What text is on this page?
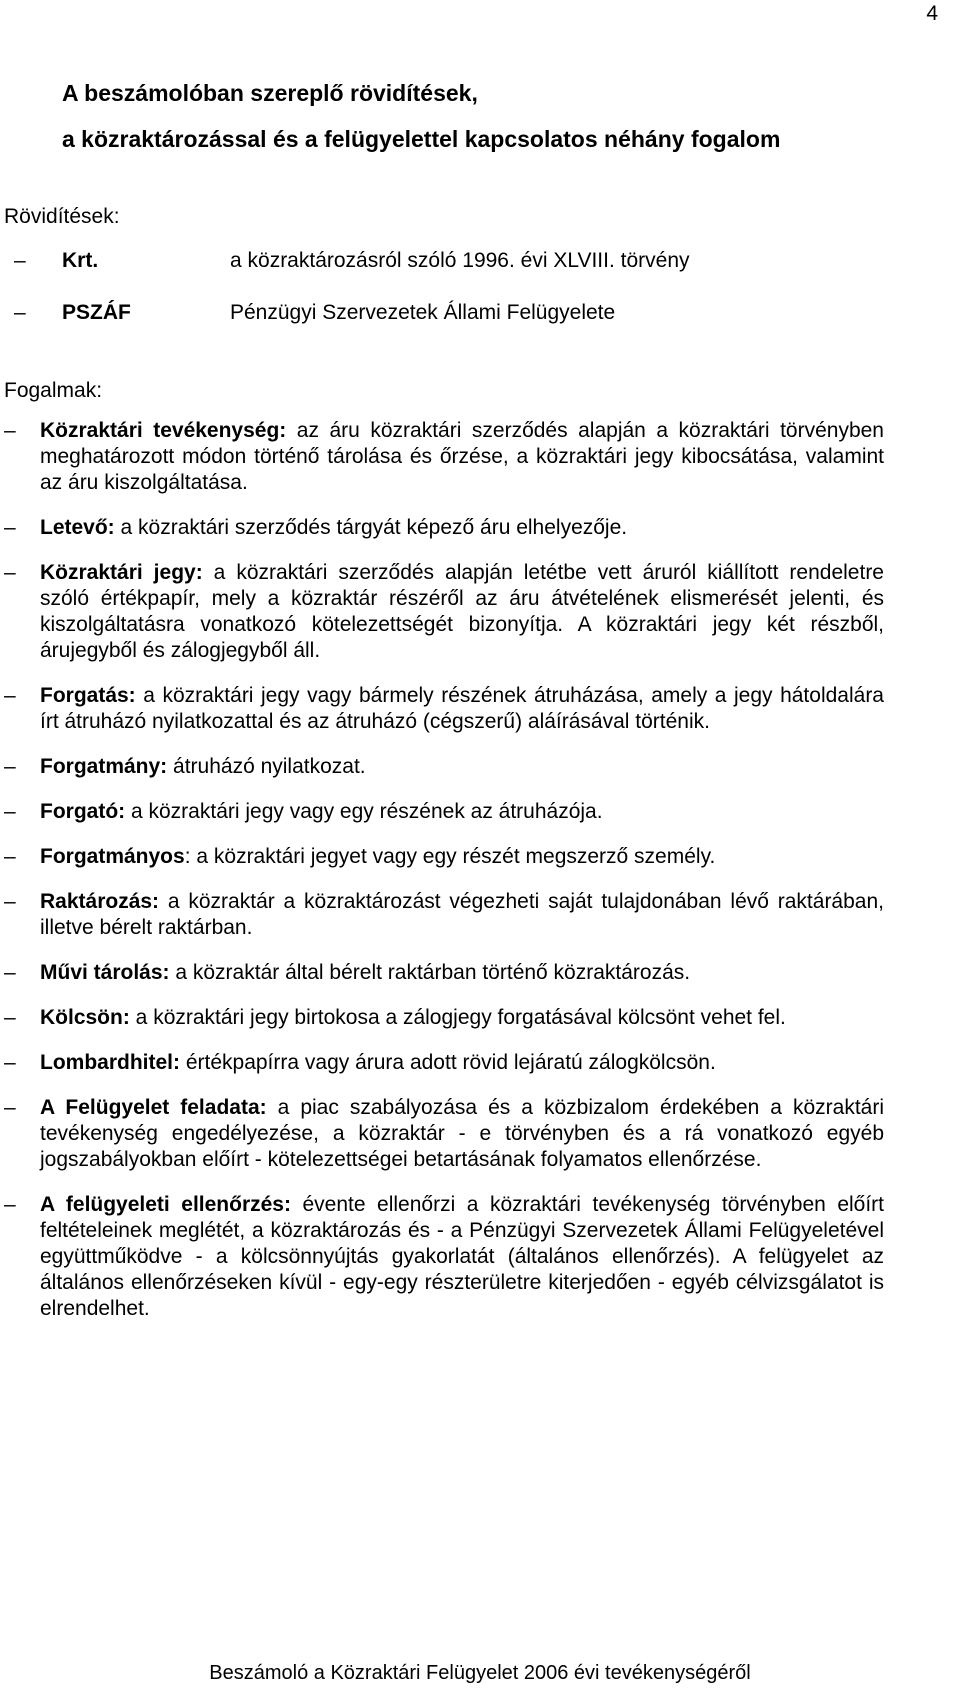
4
A beszámolóban szereplő rövidítések,
a közraktározással és a felügyelettel kapcsolatos néhány fogalom
Rövidítések:
– Krt.	a közraktározásról szóló 1996. évi XLVIII. törvény
– PSZÁF	Pénzügyi Szervezetek Állami Felügyelete
Fogalmak:
– Közraktári tevékenység: az áru közraktári szerződés alapján a közraktári törvényben meghatározott módon történő tárolása és őrzése, a közraktári jegy kibocsátása, valamint az áru kiszolgáltatása.
– Letevő: a közraktári szerződés tárgyát képező áru elhelyezője.
– Közraktári jegy: a közraktári szerződés alapján letétbe vett áruról kiállított rendeletre szóló értékpapír, mely a közraktár részéről az áru átvételének elismerését jelenti, és kiszolgáltatásra vonatkozó kötelezettségét bizonyítja. A közraktári jegy két részből, árujegyből és zálogjegyből áll.
– Forgatás: a közraktári jegy vagy bármely részének átruházása, amely a jegy hátoldalára írt átruházó nyilatkozattal és az átruházó (cégszerű) aláírásával történik.
– Forgatmány: átruházó nyilatkozat.
– Forgató: a közraktári jegy vagy egy részének az átruházója.
– Forgatmányos: a közraktári jegyet vagy egy részét megszerző személy.
– Raktározás: a közraktár a közraktározást végezheti saját tulajdonában lévő raktárában, illetve bérelt raktárban.
– Művi tárolás: a közraktár által bérelt raktárban történő közraktározás.
– Kölcsön: a közraktári jegy birtokosa a zálogjegy forgatásával kölcsönt vehet fel.
– Lombardhitel: értékpapírra vagy árura adott rövid lejáratú zálogkölcsön.
– A Felügyelet feladata: a piac szabályozása és a közbizalom érdekében a közraktári tevékenység engedélyezése, a közraktár - e törvényben és a rá vonatkozó egyéb jogszabályokban előírt - kötelezettségei betartásának folyamatos ellenőrzése.
– A felügyeleti ellenőrzés: évente ellenőrzi a közraktári tevékenység törvényben előírt feltételeinek meglétét, a közraktározás és - a Pénzügyi Szervezetek Állami Felügyeletével együttműködve - a kölcsönnyújtás gyakorlatát (általános ellenőrzés). A felügyelet az általános ellenőrzéseken kívül - egy-egy részterületre kiterjedően - egyéb célvizsgálatot is elrendelhet.
Beszámoló a Közraktári Felügyelet 2006 évi tevékenységéről
